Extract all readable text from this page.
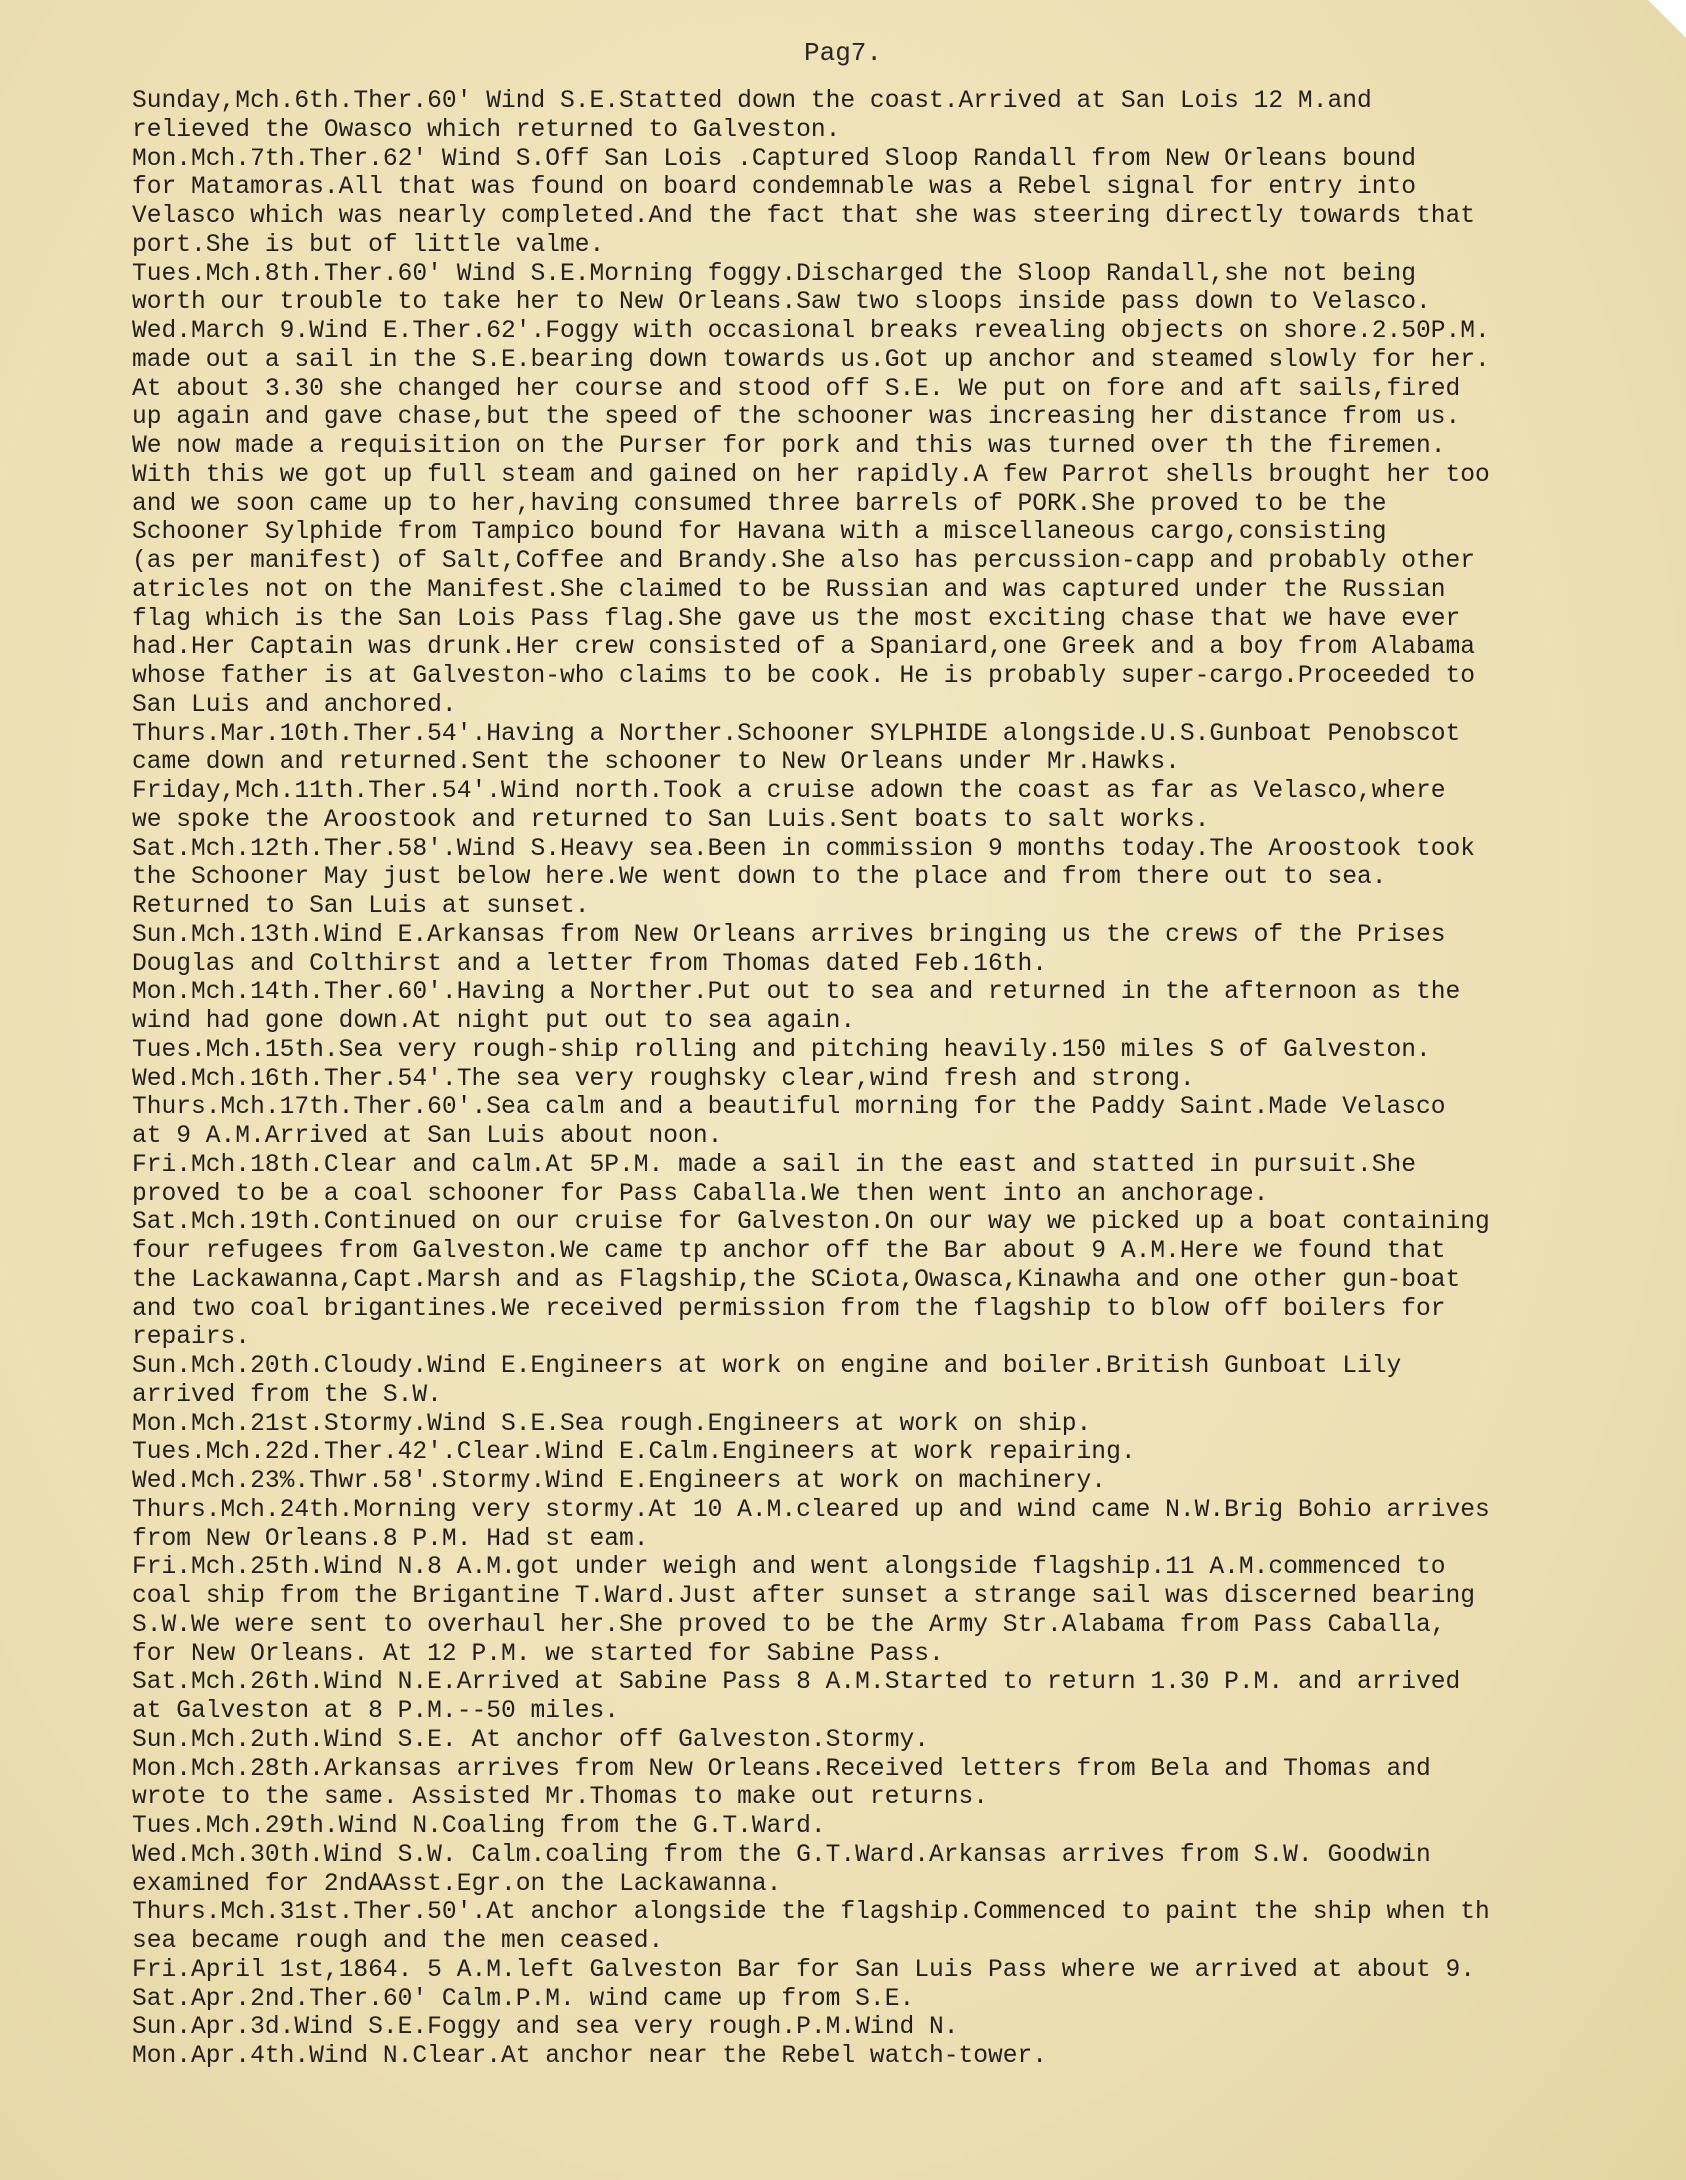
Pag7.
Sunday,Mch.6th.Ther.60' Wind S.E.Statted down the coast.Arrived at San Lois 12 M.and
relieved the Owasco which returned to Galveston.
Mon.Mch.7th.Ther.62' Wind S.Off San Lois .Captured Sloop Randall from New Orleans bound
for Matamoras.All that was found on board condemnable was a Rebel signal for entry into
Velasco which was nearly completed.And the fact that she was steering directly towards that
port.She is but of little valme.
Tues.Mch.8th.Ther.60' Wind S.E.Morning foggy.Discharged the Sloop Randall,she not being
worth our trouble to take her to New Orleans.Saw two sloops inside pass down to Velasco.
Wed.March 9.Wind E.Ther.62'.Foggy with occasional breaks revealing objects on shore.2.50P.M.
made out a sail in the S.E.bearing down towards us.Got up anchor and steamed slowly for her.
At about 3.30 she changed her course and stood off S.E. We put on fore and aft sails,fired
up again and gave chase,but the speed of the schooner was increasing her distance from us.
We now made a requisition on the Purser for pork and this was turned over th the firemen.
With this we got up full steam and gained on her rapidly.A few Parrot shells brought her too
and we soon came up to her,having consumed three barrels of PORK.She proved to be the
Schooner Sylphide from Tampico bound for Havana with a miscellaneous cargo,consisting
(as per manifest) of Salt,Coffee and Brandy.She also has percussion-capp and probably other
atricles not on the Manifest.She claimed to be Russian and was captured under the Russian
flag which is the San Lois Pass flag.She gave us the most exciting chase that we have ever
had.Her Captain was drunk.Her crew consisted of a Spaniard,one Greek and a boy from Alabama
whose father is at Galveston-who claims to be cook. He is probably super-cargo.Proceeded to
San Luis and anchored.
Thurs.Mar.10th.Ther.54'.Having a Norther.Schooner SYLPHIDE alongside.U.S.Gunboat Penobscot
came down and returned.Sent the schooner to New Orleans under Mr.Hawks.
Friday,Mch.11th.Ther.54'.Wind north.Took a cruise adown the coast as far as Velasco,where
we spoke the Aroostook and returned to San Luis.Sent boats to salt works.
Sat.Mch.12th.Ther.58'.Wind S.Heavy sea.Been in commission 9 months today.The Aroostook took
the Schooner May just below here.We went down to the place and from there out to sea.
Returned to San Luis at sunset.
Sun.Mch.13th.Wind E.Arkansas from New Orleans arrives bringing us the crews of the Prises
Douglas and Colthirst and a letter from Thomas dated Feb.16th.
Mon.Mch.14th.Ther.60'.Having a Norther.Put out to sea and returned in the afternoon as the
wind had gone down.At night put out to sea again.
Tues.Mch.15th.Sea very rough-ship rolling and pitching heavily.150 miles S of Galveston.
Wed.Mch.16th.Ther.54'.The sea very roughsky clear,wind fresh and strong.
Thurs.Mch.17th.Ther.60'.Sea calm and a beautiful morning for the Paddy Saint.Made Velasco
at 9 A.M.Arrived at San Luis about noon.
Fri.Mch.18th.Clear and calm.At 5P.M. made a sail in the east and statted in pursuit.She
proved to be a coal schooner for Pass Caballa.We then went into an anchorage.
Sat.Mch.19th.Continued on our cruise for Galveston.On our way we picked up a boat containing
four refugees from Galveston.We came tp anchor off the Bar about 9 A.M.Here we found that
the Lackawanna,Capt.Marsh and as Flagship,the SCiota,Owasca,Kinawha and one other gun-boat
and two coal brigantines.We received permission from the flagship to blow off boilers for
repairs.
Sun.Mch.20th.Cloudy.Wind E.Engineers at work on engine and boiler.British Gunboat Lily
arrived from the S.W.
Mon.Mch.21st.Stormy.Wind S.E.Sea rough.Engineers at work on ship.
Tues.Mch.22d.Ther.42'.Clear.Wind E.Calm.Engineers at work repairing.
Wed.Mch.23%.Thwr.58'.Stormy.Wind E.Engineers at work on machinery.
Thurs.Mch.24th.Morning very stormy.At 10 A.M.cleared up and wind came N.W.Brig Bohio arrives
from New Orleans.8 P.M. Had st eam.
Fri.Mch.25th.Wind N.8 A.M.got under weigh and went alongside flagship.11 A.M.commenced to
coal ship from the Brigantine T.Ward.Just after sunset a strange sail was discerned bearing
S.W.We were sent to overhaul her.She proved to be the Army Str.Alabama from Pass Caballa,
for New Orleans. At 12 P.M. we started for Sabine Pass.
Sat.Mch.26th.Wind N.E.Arrived at Sabine Pass 8 A.M.Started to return 1.30 P.M. and arrived
at Galveston at 8 P.M.--50 miles.
Sun.Mch.2uth.Wind S.E. At anchor off Galveston.Stormy.
Mon.Mch.28th.Arkansas arrives from New Orleans.Received letters from Bela and Thomas and
wrote to the same. Assisted Mr.Thomas to make out returns.
Tues.Mch.29th.Wind N.Coaling from the G.T.Ward.
Wed.Mch.30th.Wind S.W. Calm.coaling from the G.T.Ward.Arkansas arrives from S.W. Goodwin
examined for 2ndAAsst.Egr.on the Lackawanna.
Thurs.Mch.31st.Ther.50'.At anchor alongside the flagship.Commenced to paint the ship when th
sea became rough and the men ceased.
Fri.April 1st,1864. 5 A.M.left Galveston Bar for San Luis Pass where we arrived at about 9.
Sat.Apr.2nd.Ther.60' Calm.P.M. wind came up from S.E.
Sun.Apr.3d.Wind S.E.Foggy and sea very rough.P.M.Wind N.
Mon.Apr.4th.Wind N.Clear.At anchor near the Rebel watch-tower.
